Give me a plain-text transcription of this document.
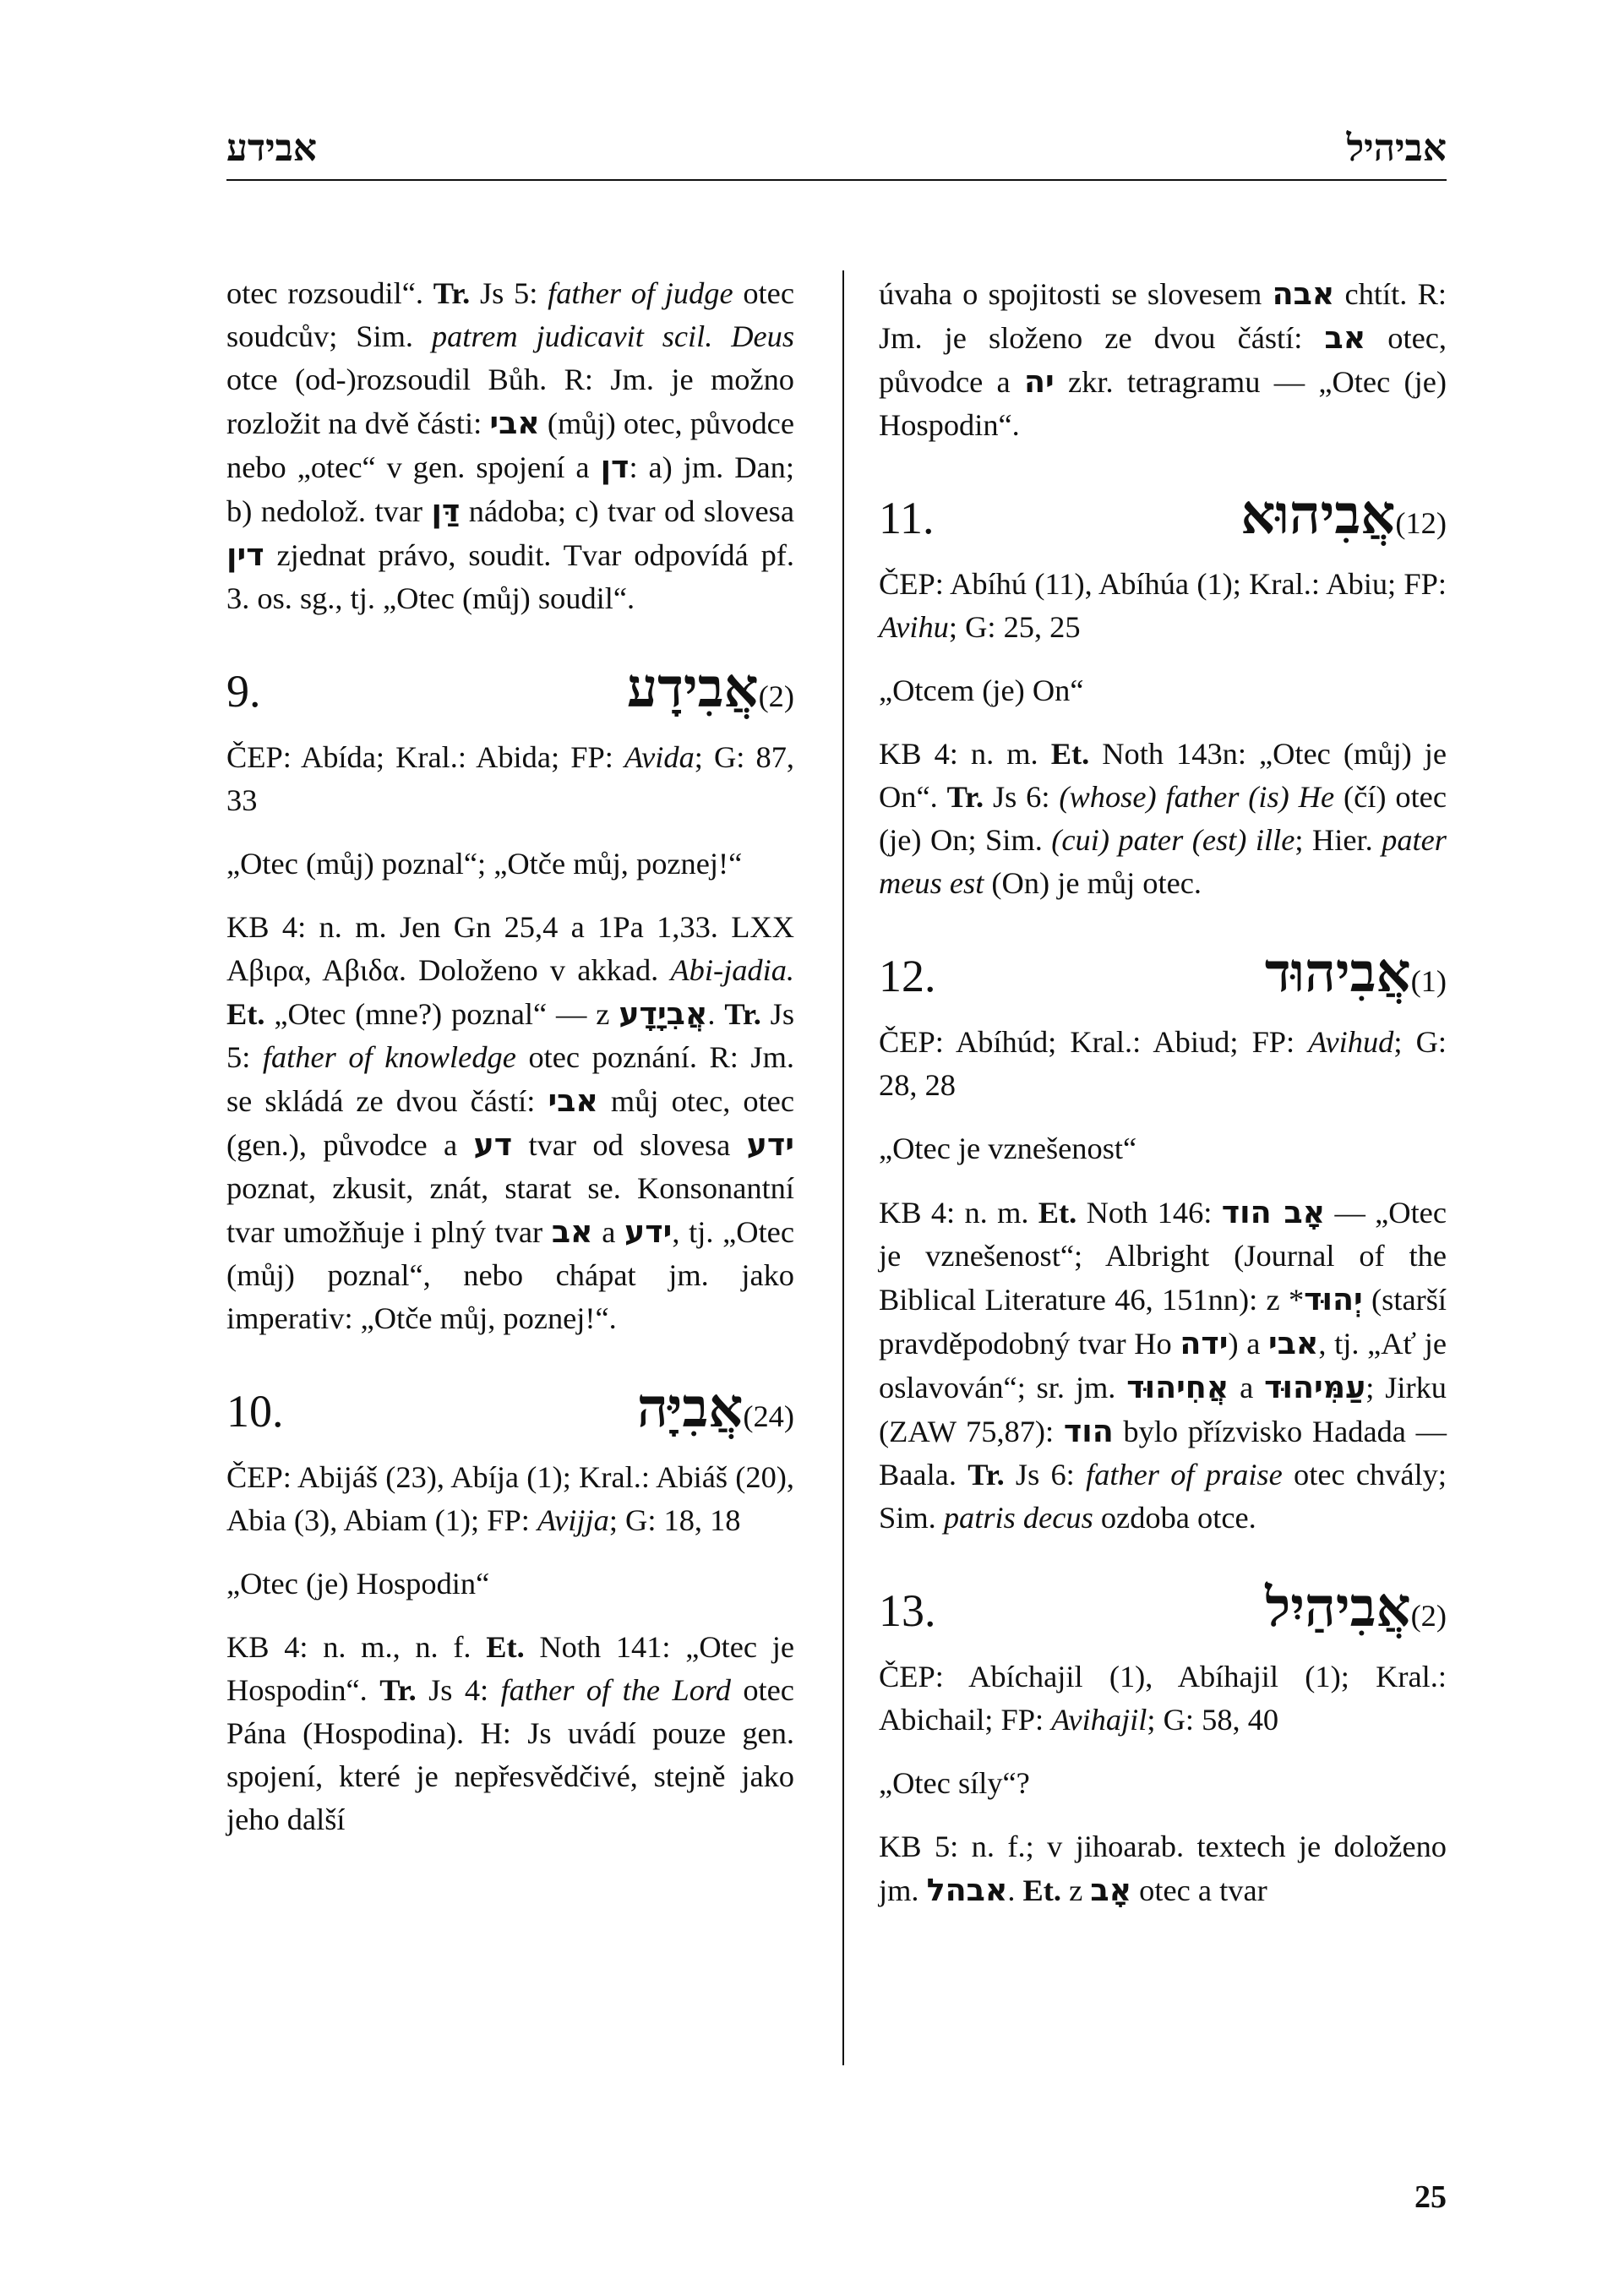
אבידע	אביהיל

otec rozsoudil“. Tr. Js 5: father of judge otec soudcův; Sim. patrem judicavit scil. Deus otce (od-)rozsoudil Bůh. R: Jm. je možno rozložit na dvě části: אבי (můj) otec, původce nebo „otec“ v gen. spojení a דן: a) jm. Dan; b) nedolož. tvar דַּן nádoba; c) tvar od slovesa דין zjednat právo, soudit. Tvar odpovídá pf. 3. os. sg., tj. „Otec (můj) soudil“.

9.	אֲבִידָע (2)

ČEP: Abída; Kral.: Abida; FP: Avida; G: 87, 33

„Otec (můj) poznal“; „Otče můj, poznej!“

KB 4: n. m. Jen Gn 25,4 a 1Pa 1,33. LXX Αβιρα, Αβιδα. Doloženo v akkad. Abi-jadia. Et. „Otec (mne?) poznal“ — z אֲבִיָדָע. Tr. Js 5: father of knowledge otec poznání. R: Jm. se skládá ze dvou částí: אבי můj otec, otec (gen.), původce a דע tvar od slovesa ידע poznat, zkusit, znát, starat se. Konsonantní tvar umožňuje i plný tvar אב a ידע, tj. „Otec (můj) poznal“, nebo chápat jm. jako imperativ: „Otče můj, poznej!“.

10.	אֲבִיָּה (24)

ČEP: Abijáš (23), Abíja (1); Kral.: Abiáš (20), Abia (3), Abiam (1); FP: Avijja; G: 18, 18

„Otec (je) Hospodin“

KB 4: n. m., n. f. Et. Noth 141: „Otec je Hospodin“. Tr. Js 4: father of the Lord otec Pána (Hospodina). H: Js uvádí pouze gen. spojení, které je nepřesvědčivé, stejně jako jeho další

úvaha o spojitosti se slovesem אבה chtít. R: Jm. je složeno ze dvou částí: אב otec, původce a יה zkr. tetragramu — „Otec (je) Hospodin“.

11.	אֲבִיהוּא (12)

ČEP: Abíhú (11), Abíhúa (1); Kral.: Abiu; FP: Avihu; G: 25, 25

„Otcem (je) On“

KB 4: n. m. Et. Noth 143n: „Otec (můj) je On“. Tr. Js 6: (whose) father (is) He (čí) otec (je) On; Sim. (cui) pater (est) ille; Hier. pater meus est (On) je můj otec.

12.	אֲבִיהוּד (1)

ČEP: Abíhúd; Kral.: Abiud; FP: Avihud; G: 28, 28

„Otec je vznešenost“

KB 4: n. m. Et. Noth 146: אָב הוד — „Otec je vznešenost“; Albright (Journal of the Biblical Literature 46, 151nn): z *יְהוּד (starší pravděpodobný tvar Ho ידה) a אבי, tj. „Ať je oslavován“; sr. jm. אֲחִיהוּד a עַמִּיהוּד; Jirku (ZAW 75,87): הוד bylo přízvisko Hadada — Baala. Tr. Js 6: father of praise otec chvály; Sim. patris decus ozdoba otce.

13.	אֲבִיהַיִל (2)

ČEP: Abíchajil (1), Abíhajil (1); Kral.: Abichail; FP: Avihajil; G: 58, 40

„Otec síly“?

KB 5: n. f.; v jihoarab. textech je doloženo jm. אבהל. Et. z אָב otec a tvar

25
